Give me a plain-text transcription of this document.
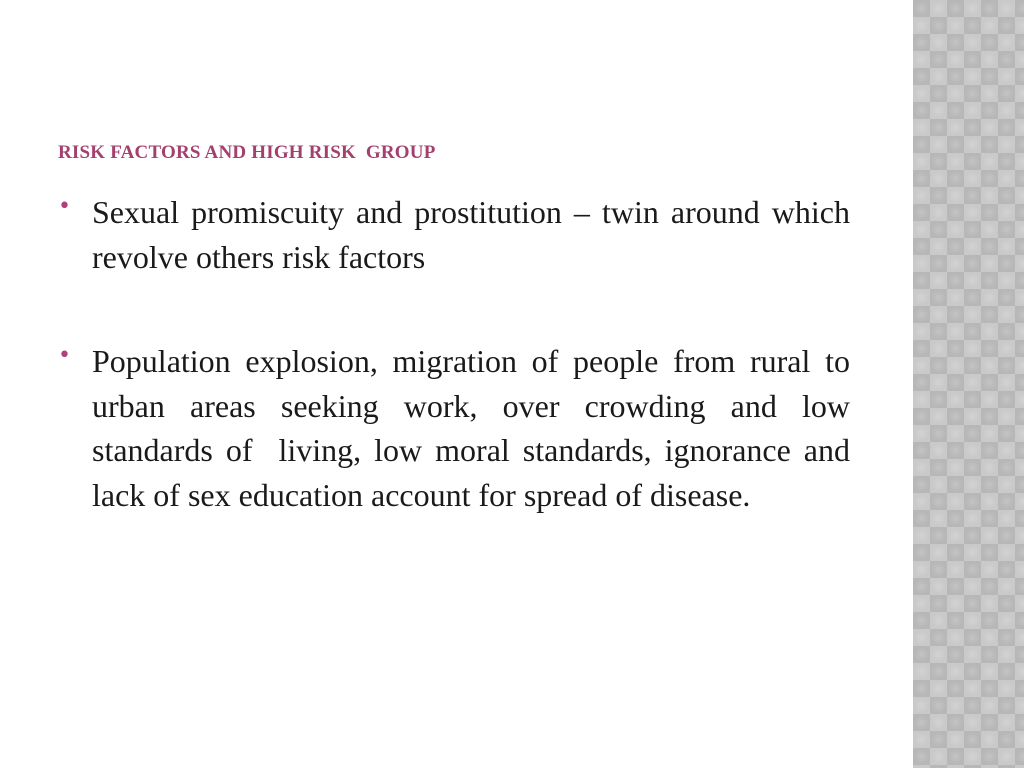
RISK FACTORS AND HIGH RISK  GROUP
• Sexual promiscuity and prostitution – twin around which revolve others risk factors
• Population explosion, migration of people from rural to urban areas seeking work, over crowding and low standards of  living, low moral standards, ignorance and lack of sex education account for spread of disease.
